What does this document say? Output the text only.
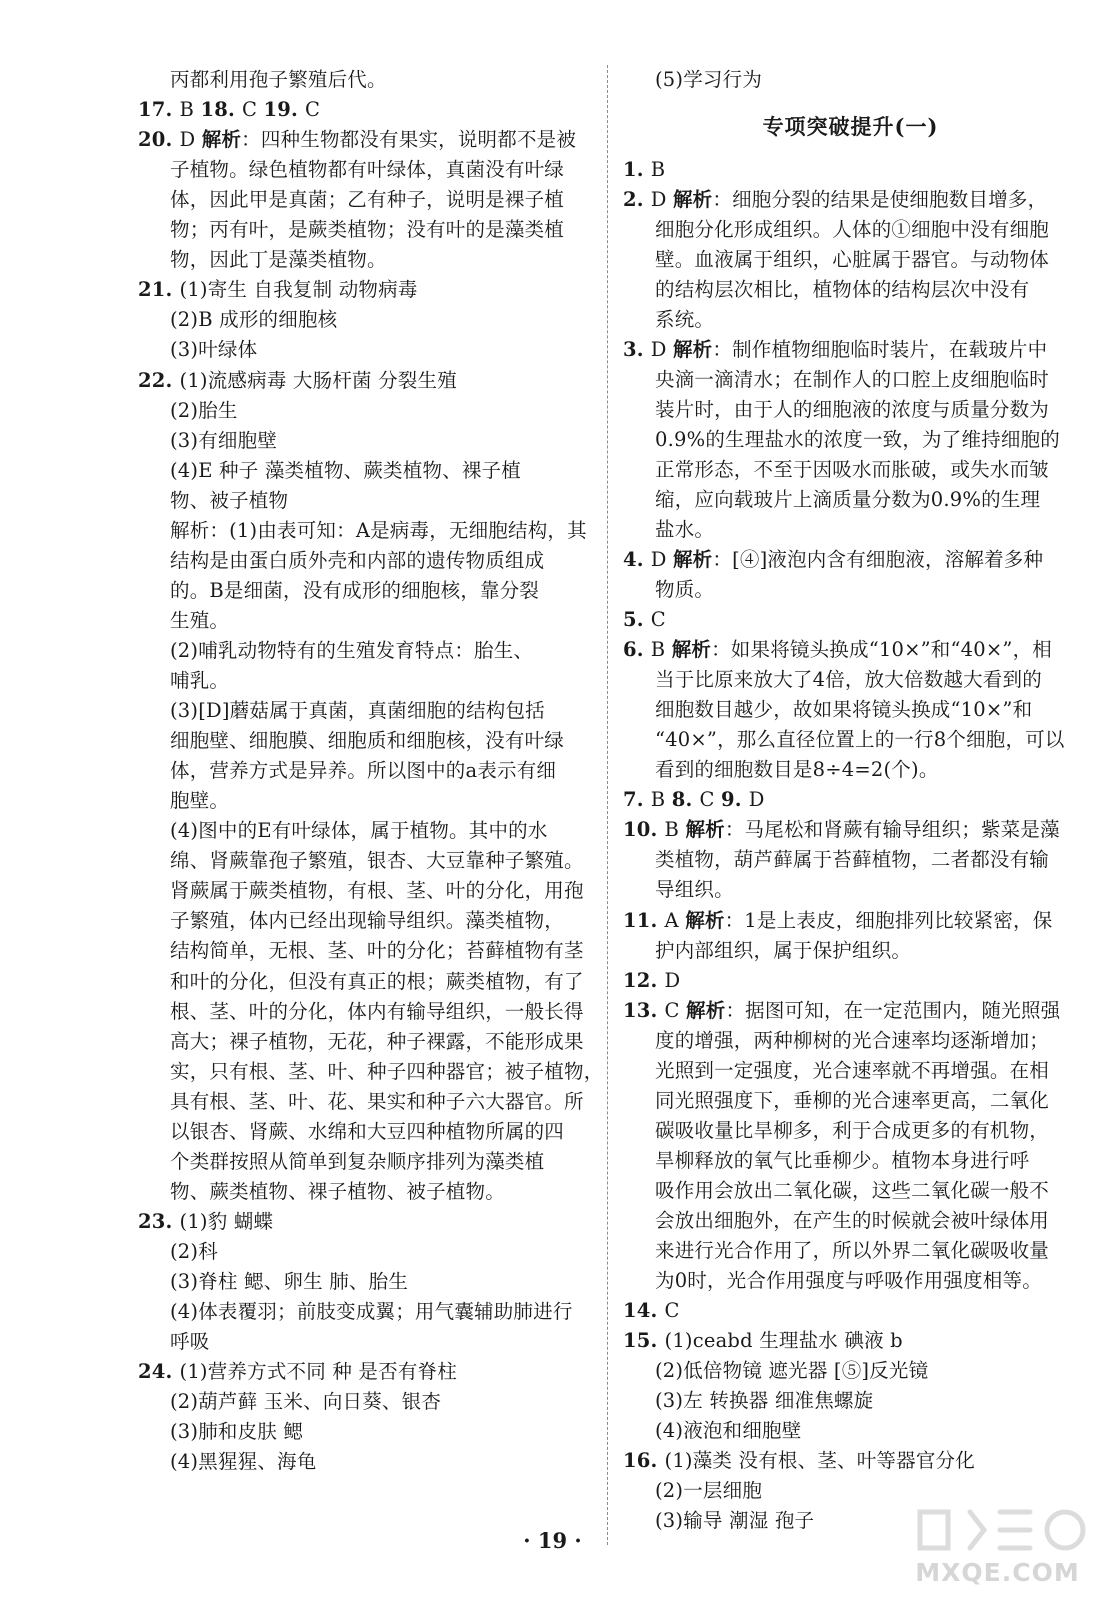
丙都利用孢子繁殖后代。
17. B 18. C 19. C
20. D 解析：四种生物都没有果实，说明都不是被
子植物。绿色植物都有叶绿体，真菌没有叶绿
体，因此甲是真菌；乙有种子，说明是裸子植
物；丙有叶，是蕨类植物；没有叶的是藻类植
物，因此丁是藻类植物。
21. (1)寄生 自我复制 动物病毒
(2)B 成形的细胞核
(3)叶绿体
22. (1)流感病毒 大肠杆菌 分裂生殖
(2)胎生
(3)有细胞壁
(4)E 种子 藻类植物、蕨类植物、裸子植
物、被子植物
解析：(1)由表可知：A是病毒，无细胞结构，其
结构是由蛋白质外壳和内部的遗传物质组成
的。B是细菌，没有成形的细胞核，靠分裂
生殖。
(2)哺乳动物特有的生殖发育特点：胎生、
哺乳。
(3)[D]蘑菇属于真菌，真菌细胞的结构包括
细胞壁、细胞膜、细胞质和细胞核，没有叶绿
体，营养方式是异养。所以图中的a表示有细
胞壁。
(4)图中的E有叶绿体，属于植物。其中的水
绵、肾蕨靠孢子繁殖，银杏、大豆靠种子繁殖。
肾蕨属于蕨类植物，有根、茎、叶的分化，用孢
子繁殖，体内已经出现输导组织。藻类植物，
结构简单，无根、茎、叶的分化；苔藓植物有茎
和叶的分化，但没有真正的根；蕨类植物，有了
根、茎、叶的分化，体内有输导组织，一般长得
高大；裸子植物，无花，种子裸露，不能形成果
实，只有根、茎、叶、种子四种器官；被子植物，
具有根、茎、叶、花、果实和种子六大器官。所
以银杏、肾蕨、水绵和大豆四种植物所属的四
个类群按照从简单到复杂顺序排列为藻类植
物、蕨类植物、裸子植物、被子植物。
23. (1)豹 蝴蝶
(2)科
(3)脊柱 鳃、卵生 肺、胎生
(4)体表覆羽；前肢变成翼；用气囊辅助肺进行
呼吸
24. (1)营养方式不同 种 是否有脊柱
(2)葫芦藓 玉米、向日葵、银杏
(3)肺和皮肤 鳃
(4)黑猩猩、海龟
(5)学习行为
专项突破提升(一)
1. B
2. D 解析：细胞分裂的结果是使细胞数目增多，
细胞分化形成组织。人体的①细胞中没有细胞
壁。血液属于组织，心脏属于器官。与动物体
的结构层次相比，植物体的结构层次中没有
系统。
3. D 解析：制作植物细胞临时装片，在载玻片中
央滴一滴清水；在制作人的口腔上皮细胞临时
装片时，由于人的细胞液的浓度与质量分数为
0.9%的生理盐水的浓度一致，为了维持细胞的
正常形态，不至于因吸水而胀破，或失水而皱
缩，应向载玻片上滴质量分数为0.9%的生理
盐水。
4. D 解析：[④]液泡内含有细胞液，溶解着多种
物质。
5. C
6. B 解析：如果将镜头换成“10×”和“40×”，相
当于比原来放大了4倍，放大倍数越大看到的
细胞数目越少，故如果将镜头换成“10×”和
“40×”，那么直径位置上的一行8个细胞，可以
看到的细胞数目是8÷4=2(个)。
7. B 8. C 9. D
10. B 解析：马尾松和肾蕨有输导组织；紫菜是藻
类植物，葫芦藓属于苔藓植物，二者都没有输
导组织。
11. A 解析：1是上表皮，细胞排列比较紧密，保
护内部组织，属于保护组织。
12. D
13. C 解析：据图可知，在一定范围内，随光照强
度的增强，两种柳树的光合速率均逐渐增加；
光照到一定强度，光合速率就不再增强。在相
同光照强度下，垂柳的光合速率更高，二氧化
碳吸收量比旱柳多，利于合成更多的有机物，
旱柳释放的氧气比垂柳少。植物本身进行呼
吸作用会放出二氧化碳，这些二氧化碳一般不
会放出细胞外，在产生的时候就会被叶绿体用
来进行光合作用了，所以外界二氧化碳吸收量
为0时，光合作用强度与呼吸作用强度相等。
14. C
15. (1)ceabd 生理盐水 碘液 b
(2)低倍物镜 遮光器 [⑤]反光镜
(3)左 转换器 细准焦螺旋
(4)液泡和细胞壁
16. (1)藻类 没有根、茎、叶等器官分化
(2)一层细胞
(3)输导 潮湿 孢子
· 19 ·
MXQE.COM
